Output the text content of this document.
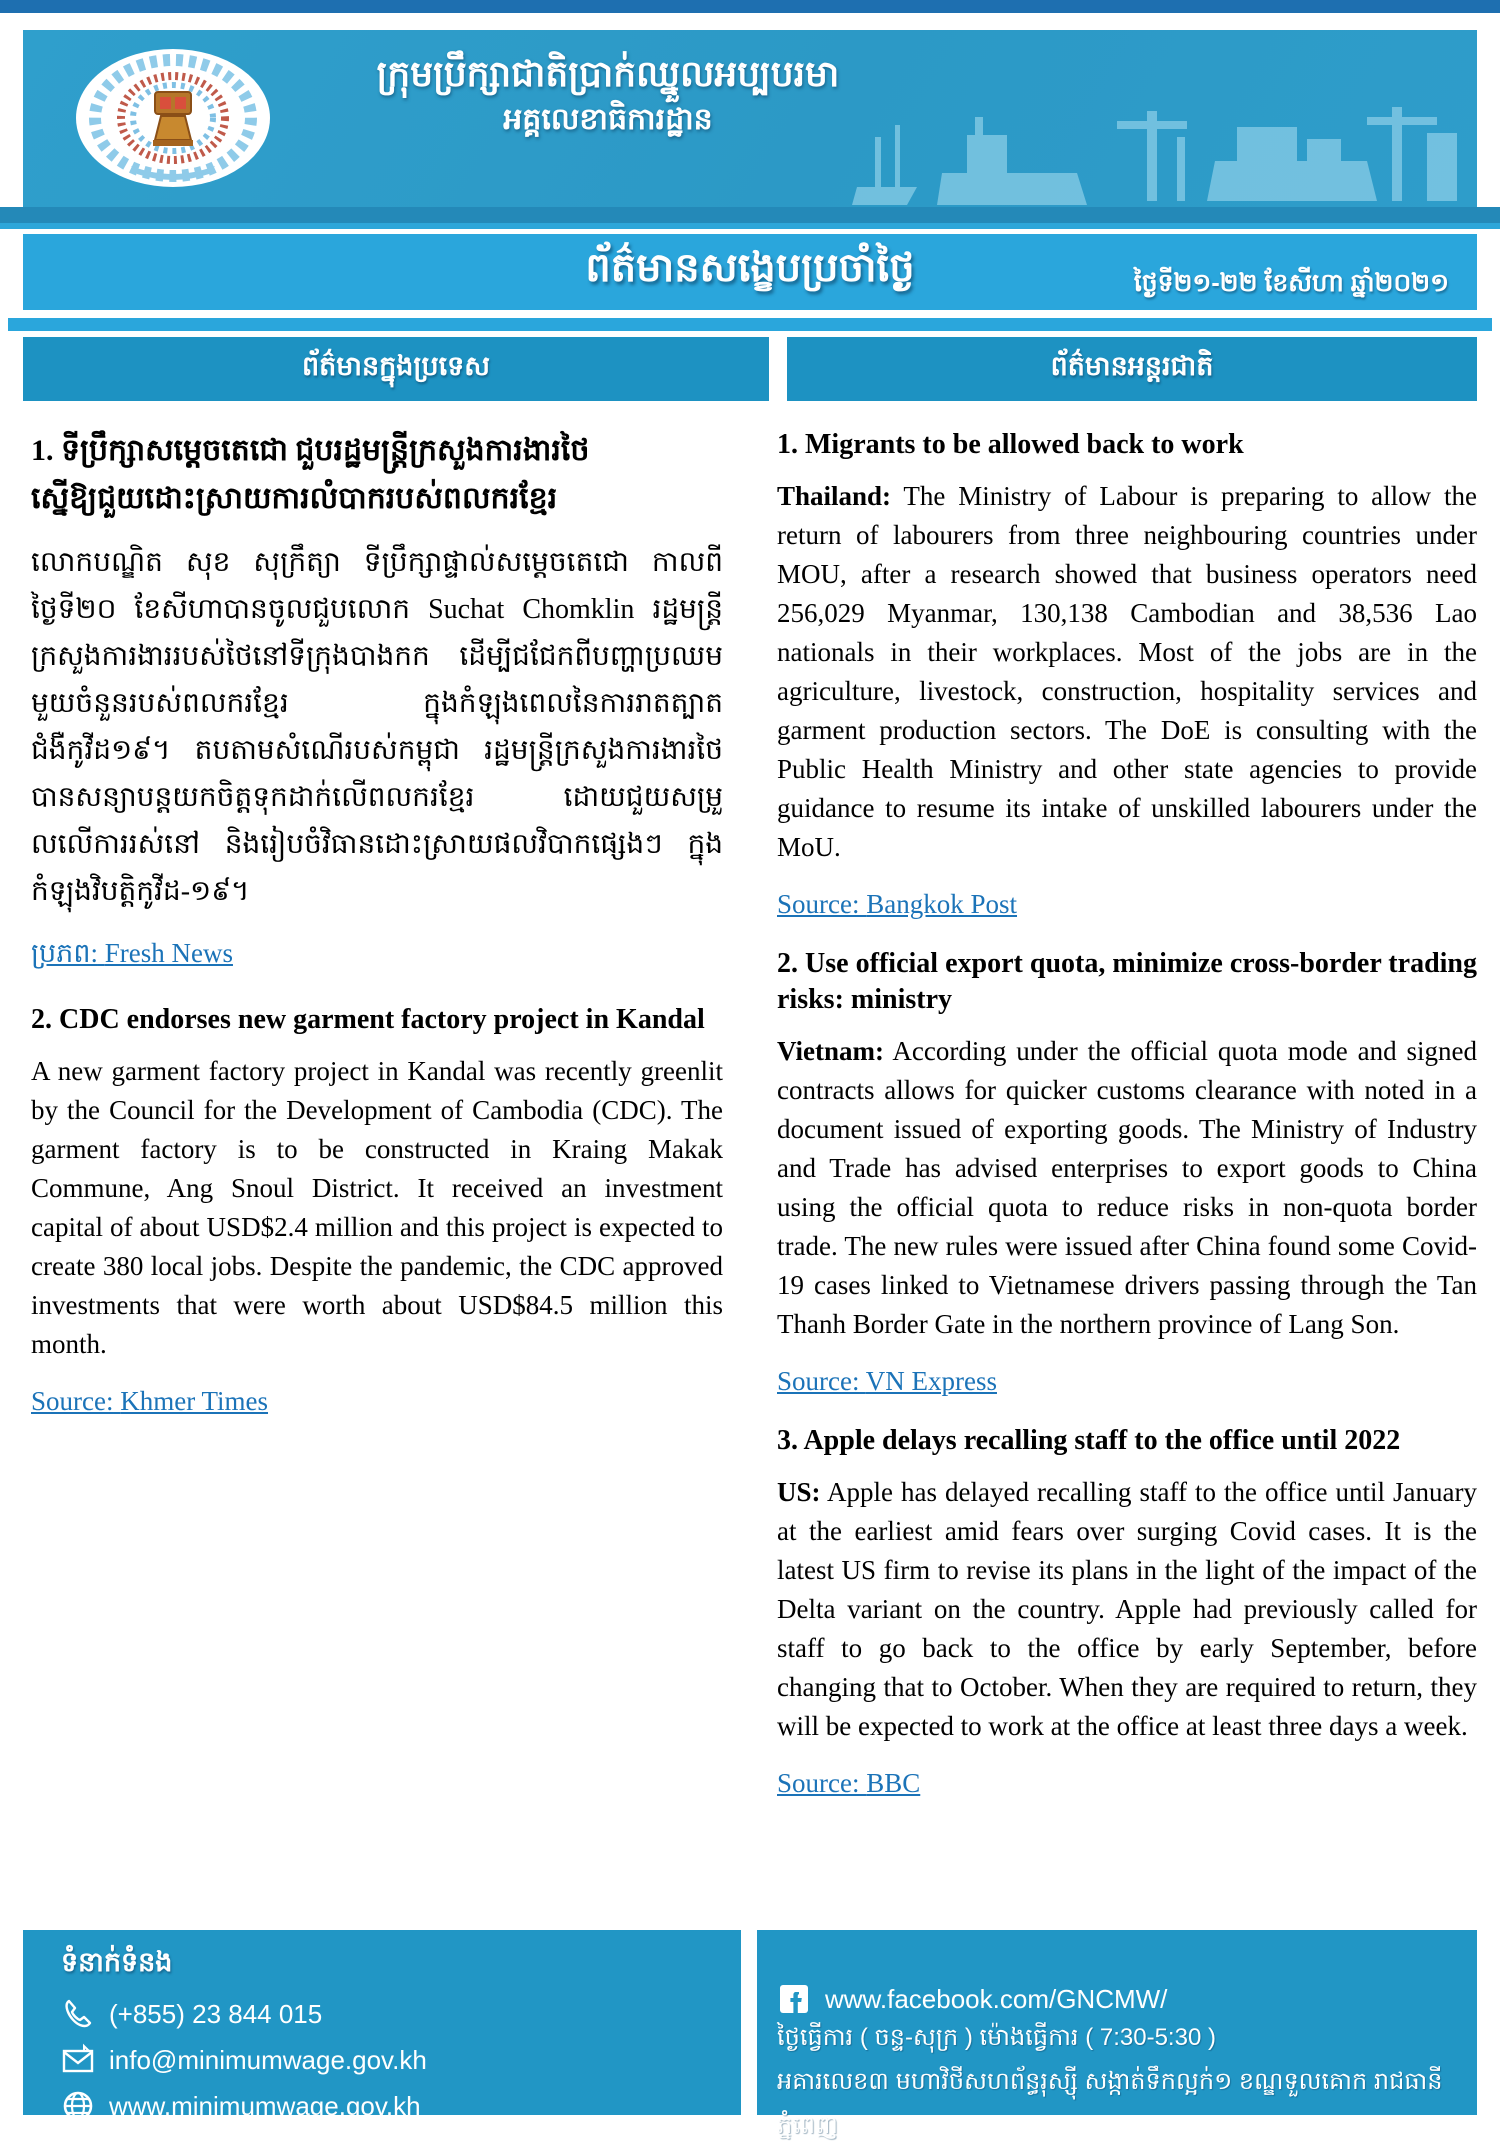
ក្រុមប្រឹក្សាជាតិប្រាក់ឈ្នួលអប្បបរមា
អគ្គលេខាធិការដ្ឋាន
ព័ត៌មានសង្ខេបប្រចាំថ្ងៃ	ថ្ងៃទី២១-២២ ខែសីហា ឆ្នាំ២០២១
ព័ត៌មានក្នុងប្រទេស	ព័ត៌មានអន្តរជាតិ

1. ទីប្រឹក្សាសម្តេចតេជោ ជួបរដ្ឋមន្ត្រីក្រសួងការងារថៃ ស្នើឱ្យជួយដោះស្រាយការលំបាករបស់ពលករខ្មែរ

លោកបណ្ឌិត សុខ សុក្រឹត្យា ទីប្រឹក្សាផ្ទាល់សម្តេចតេជោ កាលពីថ្ងៃទី២០ ខែសីហាបានចូលជួបលោក Suchat Chomklin រដ្ឋមន្ត្រីក្រសួងការងាររបស់ថៃនៅទីក្រុងបាងកក ដើម្បីជជែកពីបញ្ហាប្រឈមមួយចំនួនរបស់ពលករខ្មែរ ក្នុងកំឡុងពេលនៃការរាតត្បាតជំងឺកូវីដ១៩។ តបតាមសំណើរបស់កម្ពុជា រដ្ឋមន្ត្រីក្រសួងការងារថៃ បានសន្យាបន្តយកចិត្តទុកដាក់លើពលករខ្មែរ ដោយជួយសម្រួលលើការរស់នៅ និងរៀបចំវិធានដោះស្រាយផលវិបាកផ្សេងៗ ក្នុងកំឡុងវិបត្តិកូវីដ-១៩។

ប្រភព: Fresh News

2. CDC endorses new garment factory project in Kandal

A new garment factory project in Kandal was recently greenlit by the Council for the Development of Cambodia (CDC). The garment factory is to be constructed in Kraing Makak Commune, Ang Snoul District. It received an investment capital of about USD$2.4 million and this project is expected to create 380 local jobs. Despite the pandemic, the CDC approved investments that were worth about USD$84.5 million this month.

Source: Khmer Times

1. Migrants to be allowed back to work

Thailand: The Ministry of Labour is preparing to allow the return of labourers from three neighbouring countries under MOU, after a research showed that business operators need 256,029 Myanmar, 130,138 Cambodian and 38,536 Lao nationals in their workplaces. Most of the jobs are in the agriculture, livestock, construction, hospitality services and garment production sectors. The DoE is consulting with the Public Health Ministry and other state agencies to provide guidance to resume its intake of unskilled labourers under the MoU.

Source: Bangkok Post

2. Use official export quota, minimize cross-border trading risks: ministry

Vietnam: According under the official quota mode and signed contracts allows for quicker customs clearance with noted in a document issued of exporting goods. The Ministry of Industry and Trade has advised enterprises to export goods to China using the official quota to reduce risks in non-quota border trade. The new rules were issued after China found some Covid-19 cases linked to Vietnamese drivers passing through the Tan Thanh Border Gate in the northern province of Lang Son.

Source: VN Express

3. Apple delays recalling staff to the office until 2022

US: Apple has delayed recalling staff to the office until January at the earliest amid fears over surging Covid cases. It is the latest US firm to revise its plans in the light of the impact of the Delta variant on the country. Apple had previously called for staff to go back to the office by early September, before changing that to October. When they are required to return, they will be expected to work at the office at least three days a week.

Source: BBC

ទំនាក់ទំនង
(+855) 23 844 015
info@minimumwage.gov.kh
www.minimumwage.gov.kh
www.facebook.com/GNCMW/
ថ្ងៃធ្វើការ ( ចន្ទ-សុក្រ ) ម៉ោងធ្វើការ ( 7:30-5:30 )
អគារលេខ៣ មហាវិថីសហព័ន្ធរុស្ស៊ី សង្កាត់ទឹកល្អក់១ ខណ្ឌទួលគោក រាជធានីភ្នំពេញ
